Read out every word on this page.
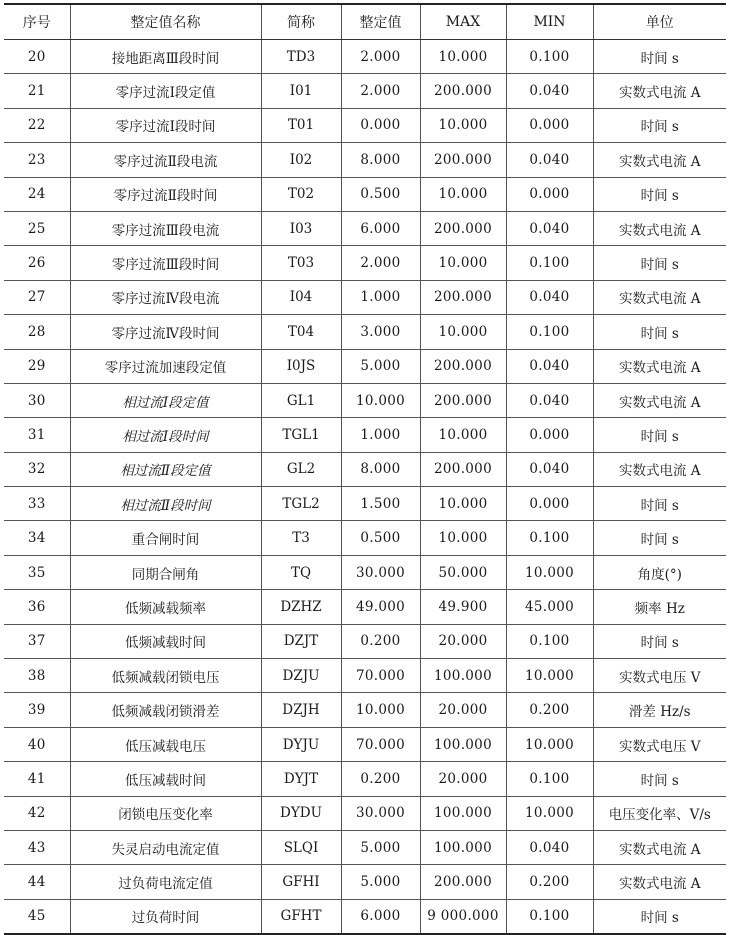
序号	整定值名称	简称	整定值	MAX	MIN	单位
20	接地距离Ⅲ段时间	TD3	2.000	10.000	0.100	时间 s
21	零序过流Ⅰ段定值	I01	2.000	200.000	0.040	实数式电流 A
22	零序过流Ⅰ段时间	T01	0.000	10.000	0.000	时间 s
23	零序过流Ⅱ段电流	I02	8.000	200.000	0.040	实数式电流 A
24	零序过流Ⅱ段时间	T02	0.500	10.000	0.000	时间 s
25	零序过流Ⅲ段电流	I03	6.000	200.000	0.040	实数式电流 A
26	零序过流Ⅲ段时间	T03	2.000	10.000	0.100	时间 s
27	零序过流Ⅳ段电流	I04	1.000	200.000	0.040	实数式电流 A
28	零序过流Ⅳ段时间	T04	3.000	10.000	0.100	时间 s
29	零序过流加速段定值	I0JS	5.000	200.000	0.040	实数式电流 A
30	相过流Ⅰ段定值	GL1	10.000	200.000	0.040	实数式电流 A
31	相过流Ⅰ段时间	TGL1	1.000	10.000	0.000	时间 s
32	相过流Ⅱ段定值	GL2	8.000	200.000	0.040	实数式电流 A
33	相过流Ⅱ段时间	TGL2	1.500	10.000	0.000	时间 s
34	重合闸时间	T3	0.500	10.000	0.100	时间 s
35	同期合闸角	TQ	30.000	50.000	10.000	角度(°)
36	低频减载频率	DZHZ	49.000	49.900	45.000	频率 Hz
37	低频减载时间	DZJT	0.200	20.000	0.100	时间 s
38	低频减载闭锁电压	DZJU	70.000	100.000	10.000	实数式电压 V
39	低频减载闭锁滑差	DZJH	10.000	20.000	0.200	滑差 Hz/s
40	低压减载电压	DYJU	70.000	100.000	10.000	实数式电压 V
41	低压减载时间	DYJT	0.200	20.000	0.100	时间 s
42	闭锁电压变化率	DYDU	30.000	100.000	10.000	电压变化率、V/s
43	失灵启动电流定值	SLQI	5.000	100.000	0.040	实数式电流 A
44	过负荷电流定值	GFHI	5.000	200.000	0.200	实数式电流 A
45	过负荷时间	GFHT	6.000	9 000.000	0.100	时间 s
